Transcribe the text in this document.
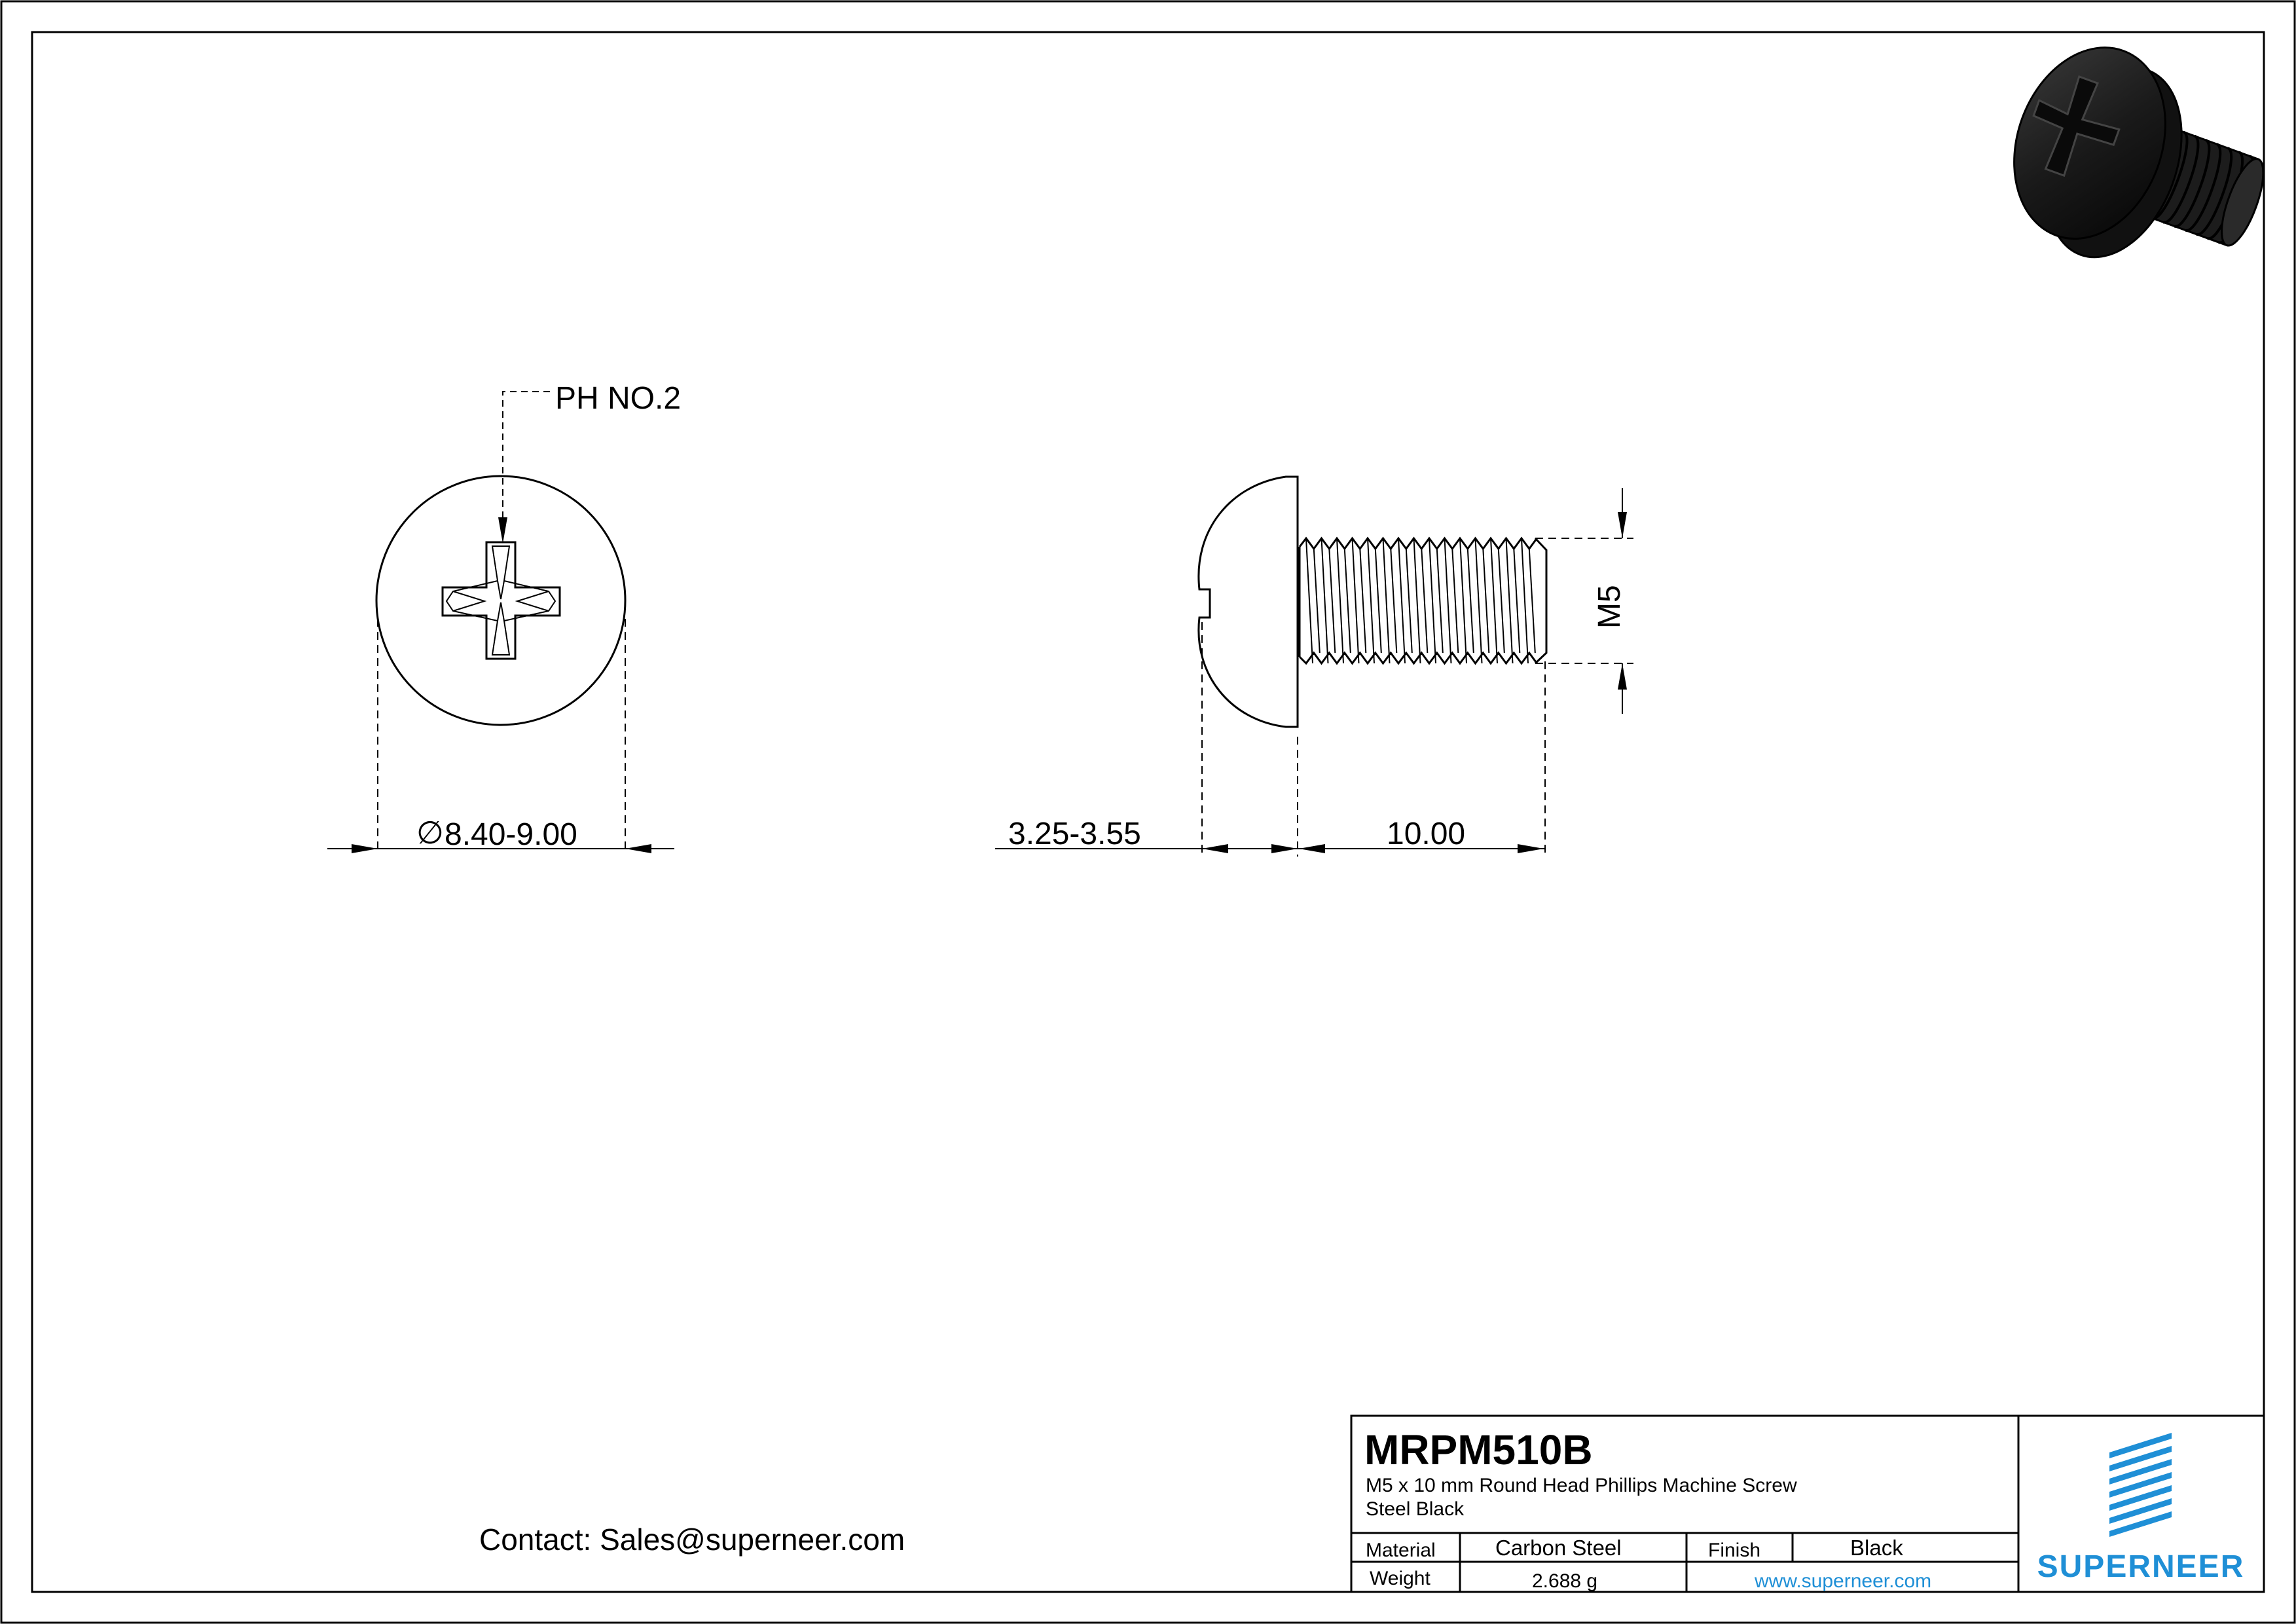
PH NO.2
∅ 8.40-9.00	3.25-3.55	10.00
M5
Contact: Sales@superneer.com
MRPM510B
M5 x 10 mm Round Head Phillips Machine Screw
Steel Black
Material	Carbon Steel	Finish	Black
Weight	2.688 g	www.superneer.com	SUPERNEER
